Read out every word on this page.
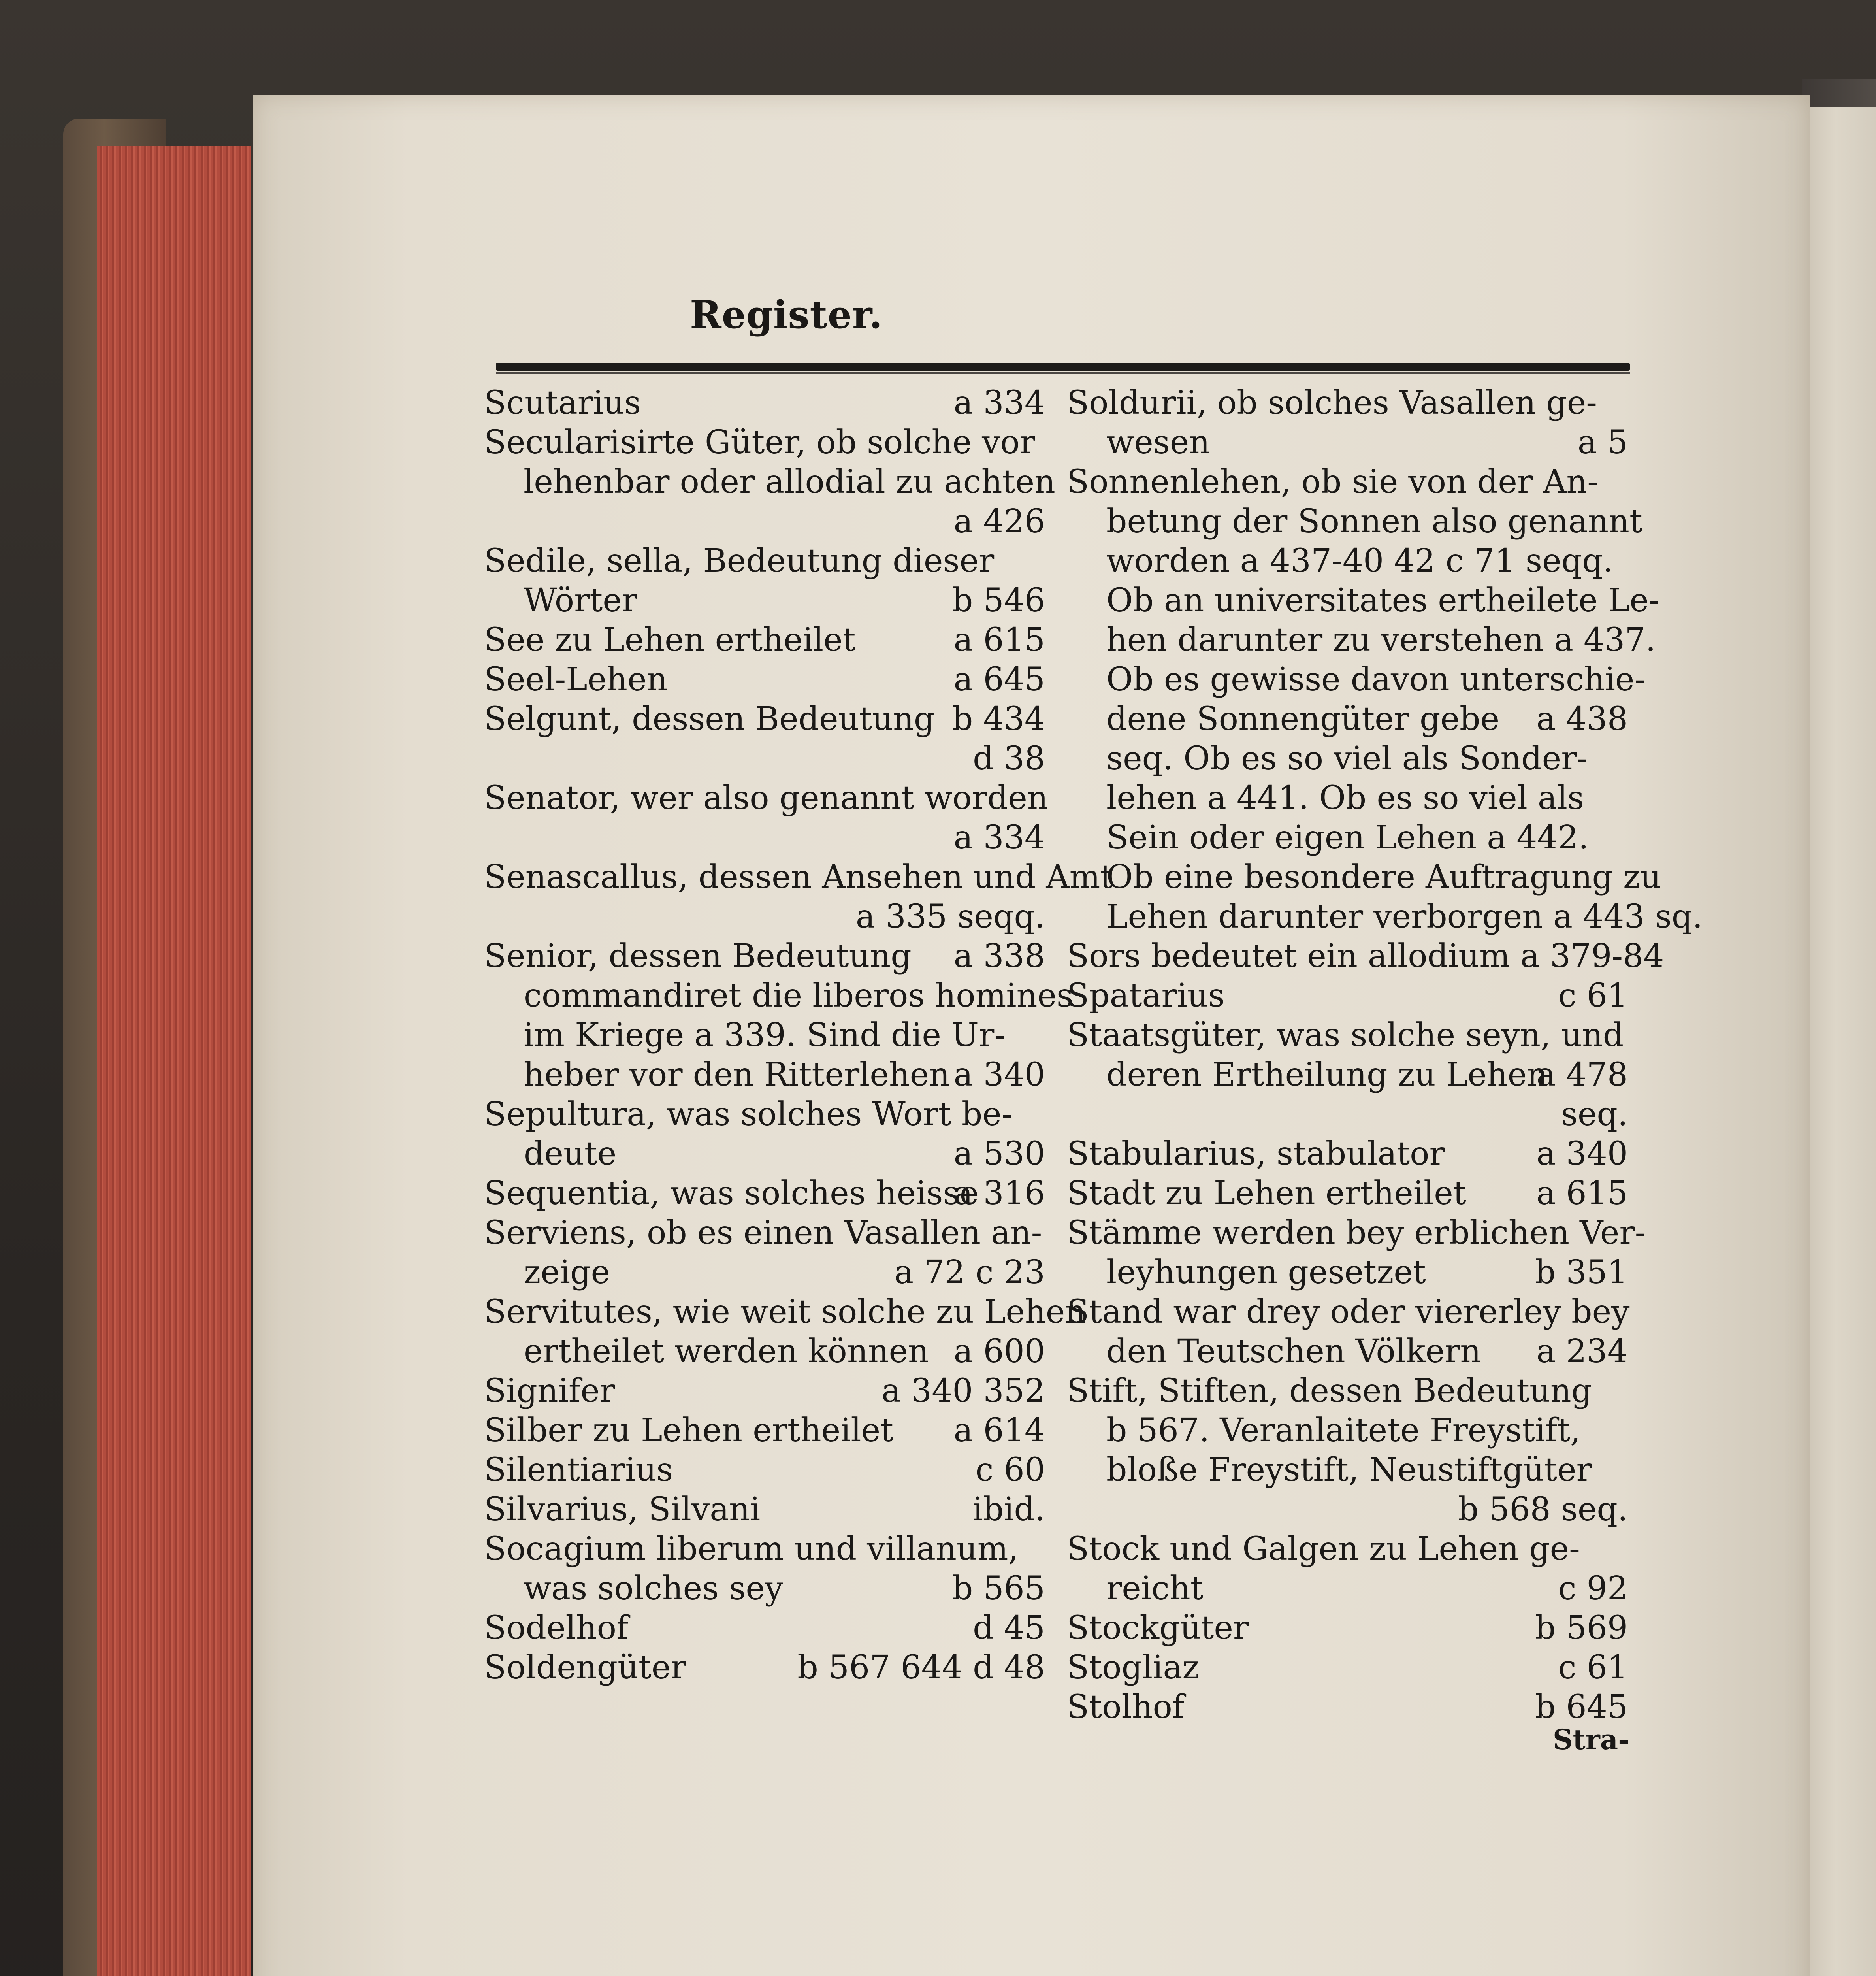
Register.
Scutarius	a 334
Secularisirte Güter, ob solche vor
lehenbar oder allodial zu achten
a 426
Sedile, sella, Bedeutung dieser
Wörter	b 546
See zu Lehen ertheilet	a 615
Seel-Lehen	a 645
Selgunt, dessen Bedeutung b 434
d 38
Senator, wer also genannt worden
a 334
Senascallus, dessen Ansehen und Amt
a 335 seqq.
Senior, dessen Bedeutung a 338
commandiret die liberos homines
im Kriege a 339. Sind die Ur-
heber vor den Ritterlehen a 340
Sepultura, was solches Wort be-
deute	a 530
Sequentia, was solches heisse
a 316
Serviens, ob es einen Vasallen an-
zeige	a 72 c 23
Servitutes, wie weit solche zu Lehen
ertheilet werden können a 600
Signifer	a 340 352
Silber zu Lehen ertheilet a 614
Silentiarius	c 60
Silvarius, Silvani	ibid.
Socagium liberum und villanum,
was solches sey	b 565
Sodelhof	d 45
Soldengüter	b 567 644 d 48
Soldurii, ob solches Vasallen ge-
wesen	a 5
Sonnenlehen, ob sie von der An-
betung der Sonnen also genannt
worden a 437-40 42 c 71 seqq.
Ob an universitates ertheilete Le-
hen darunter zu verstehen a 437.
Ob es gewisse davon unterschie-
dene Sonnengüter gebe a 438
seq. Ob es so viel als Sonder-
lehen a 441. Ob es so viel als
Sein oder eigen Lehen a 442.
Ob eine besondere Auftragung zu
Lehen darunter verborgen a 443 sq.
Sors bedeutet ein allodium a 379-84
Spatarius	c 61
Staatsgüter, was solche seyn, und
deren Ertheilung zu Lehen
a 478
seq.
Stabularius, stabulator	a 340
Stadt zu Lehen ertheilet a 615
Stämme werden bey erblichen Ver-
leyhungen gesetzet	b 351
Stand war drey oder viererley bey
den Teutschen Völkern a 234
Stift, Stiften, dessen Bedeutung
b 567. Veranlaitete Freystift,
bloße Freystift, Neustiftgüter
b 568 seq.
Stock und Galgen zu Lehen ge-
reicht	c 92
Stockgüter	b 569
Stogliaz	c 61
Stolhof	b 645
Stra-
